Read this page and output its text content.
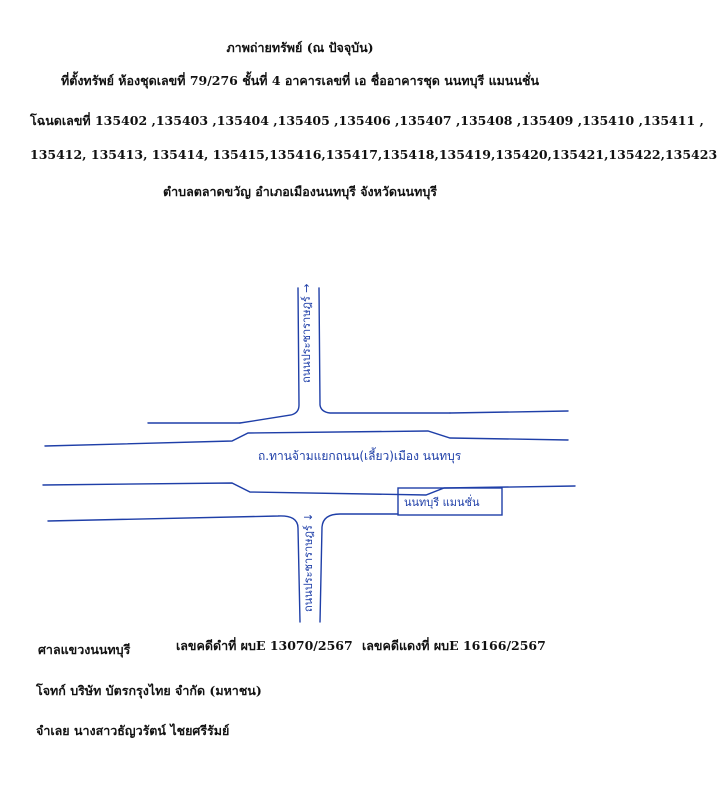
ภาพถ่ายทรัพย์ (ณ ปัจจุบัน)
ที่ตั้งทรัพย์ ห้องชุดเลขที่ 79/276 ชั้นที่ 4 อาคารเลขที่ เอ ชื่ออาคารชุด นนทบุรี แมนนชั่น
โฉนดเลขที่ 135402 ,135403 ,135404 ,135405 ,135406 ,135407 ,135408 ,135409 ,135410 ,135411 ,
135412, 135413, 135414, 135415,135416,135417,135418,135419,135420,135421,135422,135423
ตำบลตลาดขวัญ อำเภอเมืองนนทบุรี จังหวัดนนทบุรี
ถนนประชาราษฎร์ →
ถนนประชาราษฎร์ ↓
ถ.ทานจ้ามแยกถนน(เลี้ยว)เมือง นนทบุร
นนทบุรี แมนชั่น
ศาลแขวงนนทบุรี	เลขคดีดำที่ ผบE 13070/2567 เลขคดีแดงที่ ผบE 16166/2567
โจทก์ บริษัท บัตรกรุงไทย จำกัด (มหาชน)
จำเลย นางสาวธัญวรัตน์ ไชยศรีรัมย์
